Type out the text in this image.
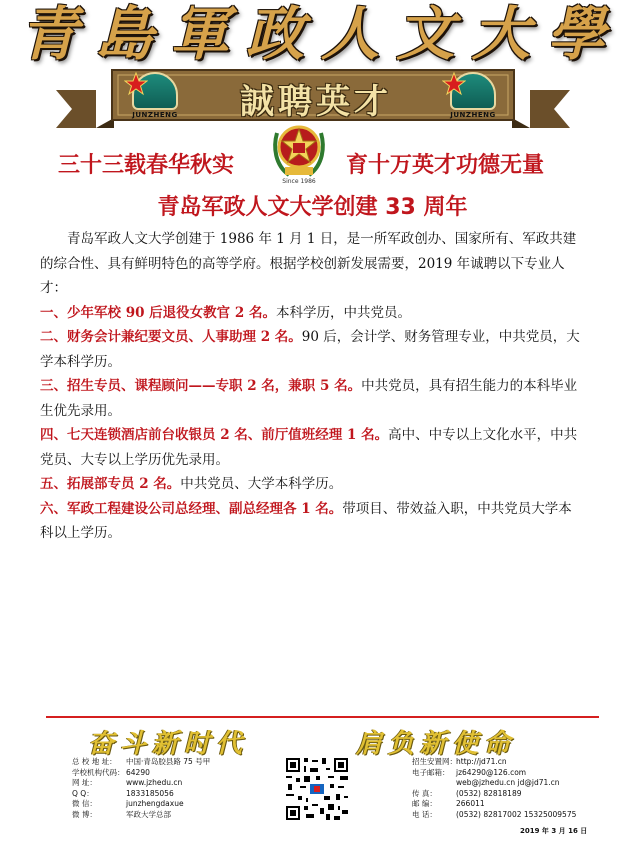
青 島 軍 政 人 文 大 學
JUNZHENG	JUNZHENG
誠聘英才
三十三载春华秋实
Since 1986
育十万英才功德无量
青岛军政人文大学创建 33 周年

青岛军政人文大学创建于 1986 年 1 月 1 日，是一所军政创办、国家所有、军政共建的综合性、具有鲜明特色的高等学府。根据学校创新发展需要，2019 年诚聘以下专业人才：

一、少年军校 90 后退役女教官 2 名。本科学历，中共党员。

二、财务会计兼纪要文员、人事助理 2 名。90 后，会计学、财务管理专业，中共党员，大学本科学历。

三、招生专员、课程顾问——专职 2 名，兼职 5 名。中共党员，具有招生能力的本科毕业生优先录用。

四、七天连锁酒店前台收银员 2 名、前厅值班经理 1 名。高中、中专以上文化水平，中共党员、大专以上学历优先录用。

五、拓展部专员 2 名。中共党员、大学本科学历。

六、军政工程建设公司总经理、副总经理各 1 名。带项目、带效益入职，中共党员大学本科以上学历。

奋斗新时代	肩负新使命
总 校 地 址：	中国·青岛胶县路 75 号甲
学校机构代码： 64290
网 址：	www.jzhedu.cn
Q Q：	1833185056
微 信：	junzhengdaxue
微 博：	军政大学总部
招生安置网： http://jd71.cn
电子邮箱： jz64290@126.com
web@jzhedu.cn jd@jd71.cn
传 真：	(0532) 82818189
邮 编：	266011
电 话：	(0532) 82817002 15325009575
2019 年 3 月 16 日
